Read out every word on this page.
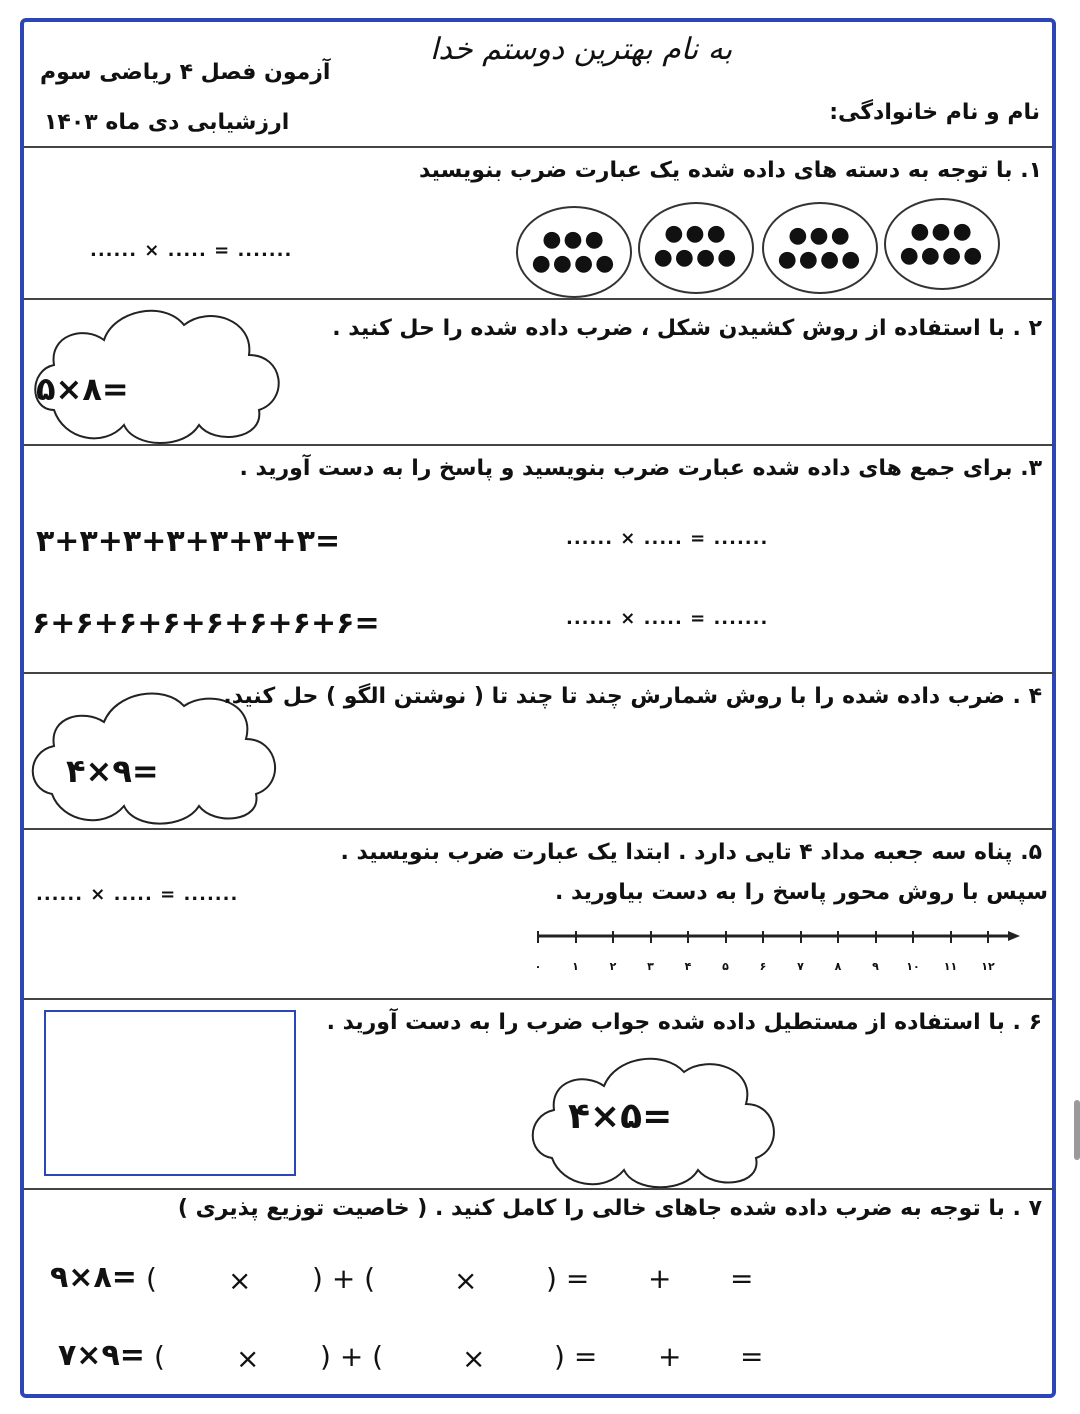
به نام بهترین دوستم خدا
آزمون فصل ۴ ریاضی سوم
ارزشیابی دی ماه ۱۴۰۳	نام و نام خانوادگی:
۱. با توجه به دسته های داده شده یک عبارت ضرب بنویسید
...... × ..... = .......	●●●
●●●●
●●●
●●●●
●●●
●●●●
●●●
●●●●
۲ . با استفاده از روش کشیدن شکل ، ضرب داده شده را حل کنید .
۵×۸=
۳. برای جمع های داده شده عبارت ضرب بنویسید و پاسخ را به دست آورید .
۳+۳+۳+۳+۳+۳+۳=	...... × ..... = .......
۶+۶+۶+۶+۶+۶+۶+۶=	...... × ..... = .......
۴ . ضرب داده شده را با روش شمارش چند تا چند تا ( نوشتن الگو ) حل کنید.
۴×۹=
۵. پناه سه جعبه مداد ۴ تایی دارد . ابتدا یک عبارت ضرب بنویسید .
سپس با روش محور پاسخ را به دست بیاورید .
...... × ..... = .......
۰	۱	۲	۳	۴	۵	۶	۷	۸	۹	۱۰ ۱۱ ۱۲
۶ . با استفاده از مستطیل داده شده جواب ضرب را به دست آورید .
۴×۵=
۷ . با توجه به ضرب داده شده جاهای خالی را کامل کنید . ( خاصیت توزیع پذیری )
۹×۸= (	× ) + (	× ) = + =
۷×۹= (	× ) + (	× ) = + =
